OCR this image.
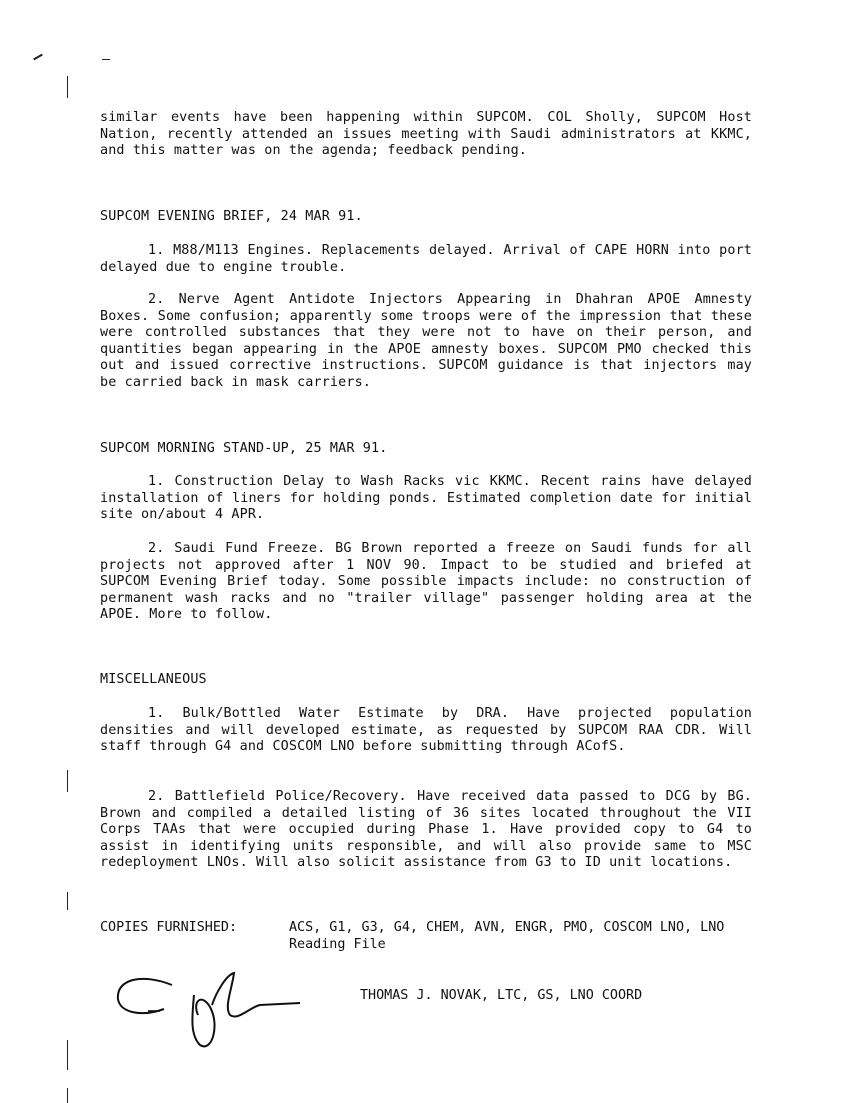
similar events have been happening within SUPCOM. COL Sholly, SUPCOM Host Nation, recently attended an issues meeting with Saudi administrators at KKMC, and this matter was on the agenda; feedback pending.
SUPCOM EVENING BRIEF, 24 MAR 91.
1. M88/M113 Engines. Replacements delayed. Arrival of CAPE HORN into port delayed due to engine trouble.
2. Nerve Agent Antidote Injectors Appearing in Dhahran APOE Amnesty Boxes. Some confusion; apparently some troops were of the impression that these were controlled substances that they were not to have on their person, and quantities began appearing in the APOE amnesty boxes. SUPCOM PMO checked this out and issued corrective instructions. SUPCOM guidance is that injectors may be carried back in mask carriers.
SUPCOM MORNING STAND-UP, 25 MAR 91.
1. Construction Delay to Wash Racks vic KKMC. Recent rains have delayed installation of liners for holding ponds. Estimated completion date for initial site on/about 4 APR.
2. Saudi Fund Freeze. BG Brown reported a freeze on Saudi funds for all projects not approved after 1 NOV 90. Impact to be studied and briefed at SUPCOM Evening Brief today. Some possible impacts include: no construction of permanent wash racks and no "trailer village" passenger holding area at the APOE. More to follow.
MISCELLANEOUS
1. Bulk/Bottled Water Estimate by DRA. Have projected population densities and will developed estimate, as requested by SUPCOM RAA CDR. Will staff through G4 and COSCOM LNO before submitting through ACofS.
2. Battlefield Police/Recovery. Have received data passed to DCG by BG. Brown and compiled a detailed listing of 36 sites located throughout the VII Corps TAAs that were occupied during Phase 1. Have provided copy to G4 to assist in identifying units responsible, and will also provide same to MSC redeployment LNOs. Will also solicit assistance from G3 to ID unit locations.
COPIES FURNISHED:	ACS, G1, G3, G4, CHEM, AVN, ENGR, PMO, COSCOM LNO, LNO Reading File
THOMAS J. NOVAK, LTC, GS, LNO COORD
